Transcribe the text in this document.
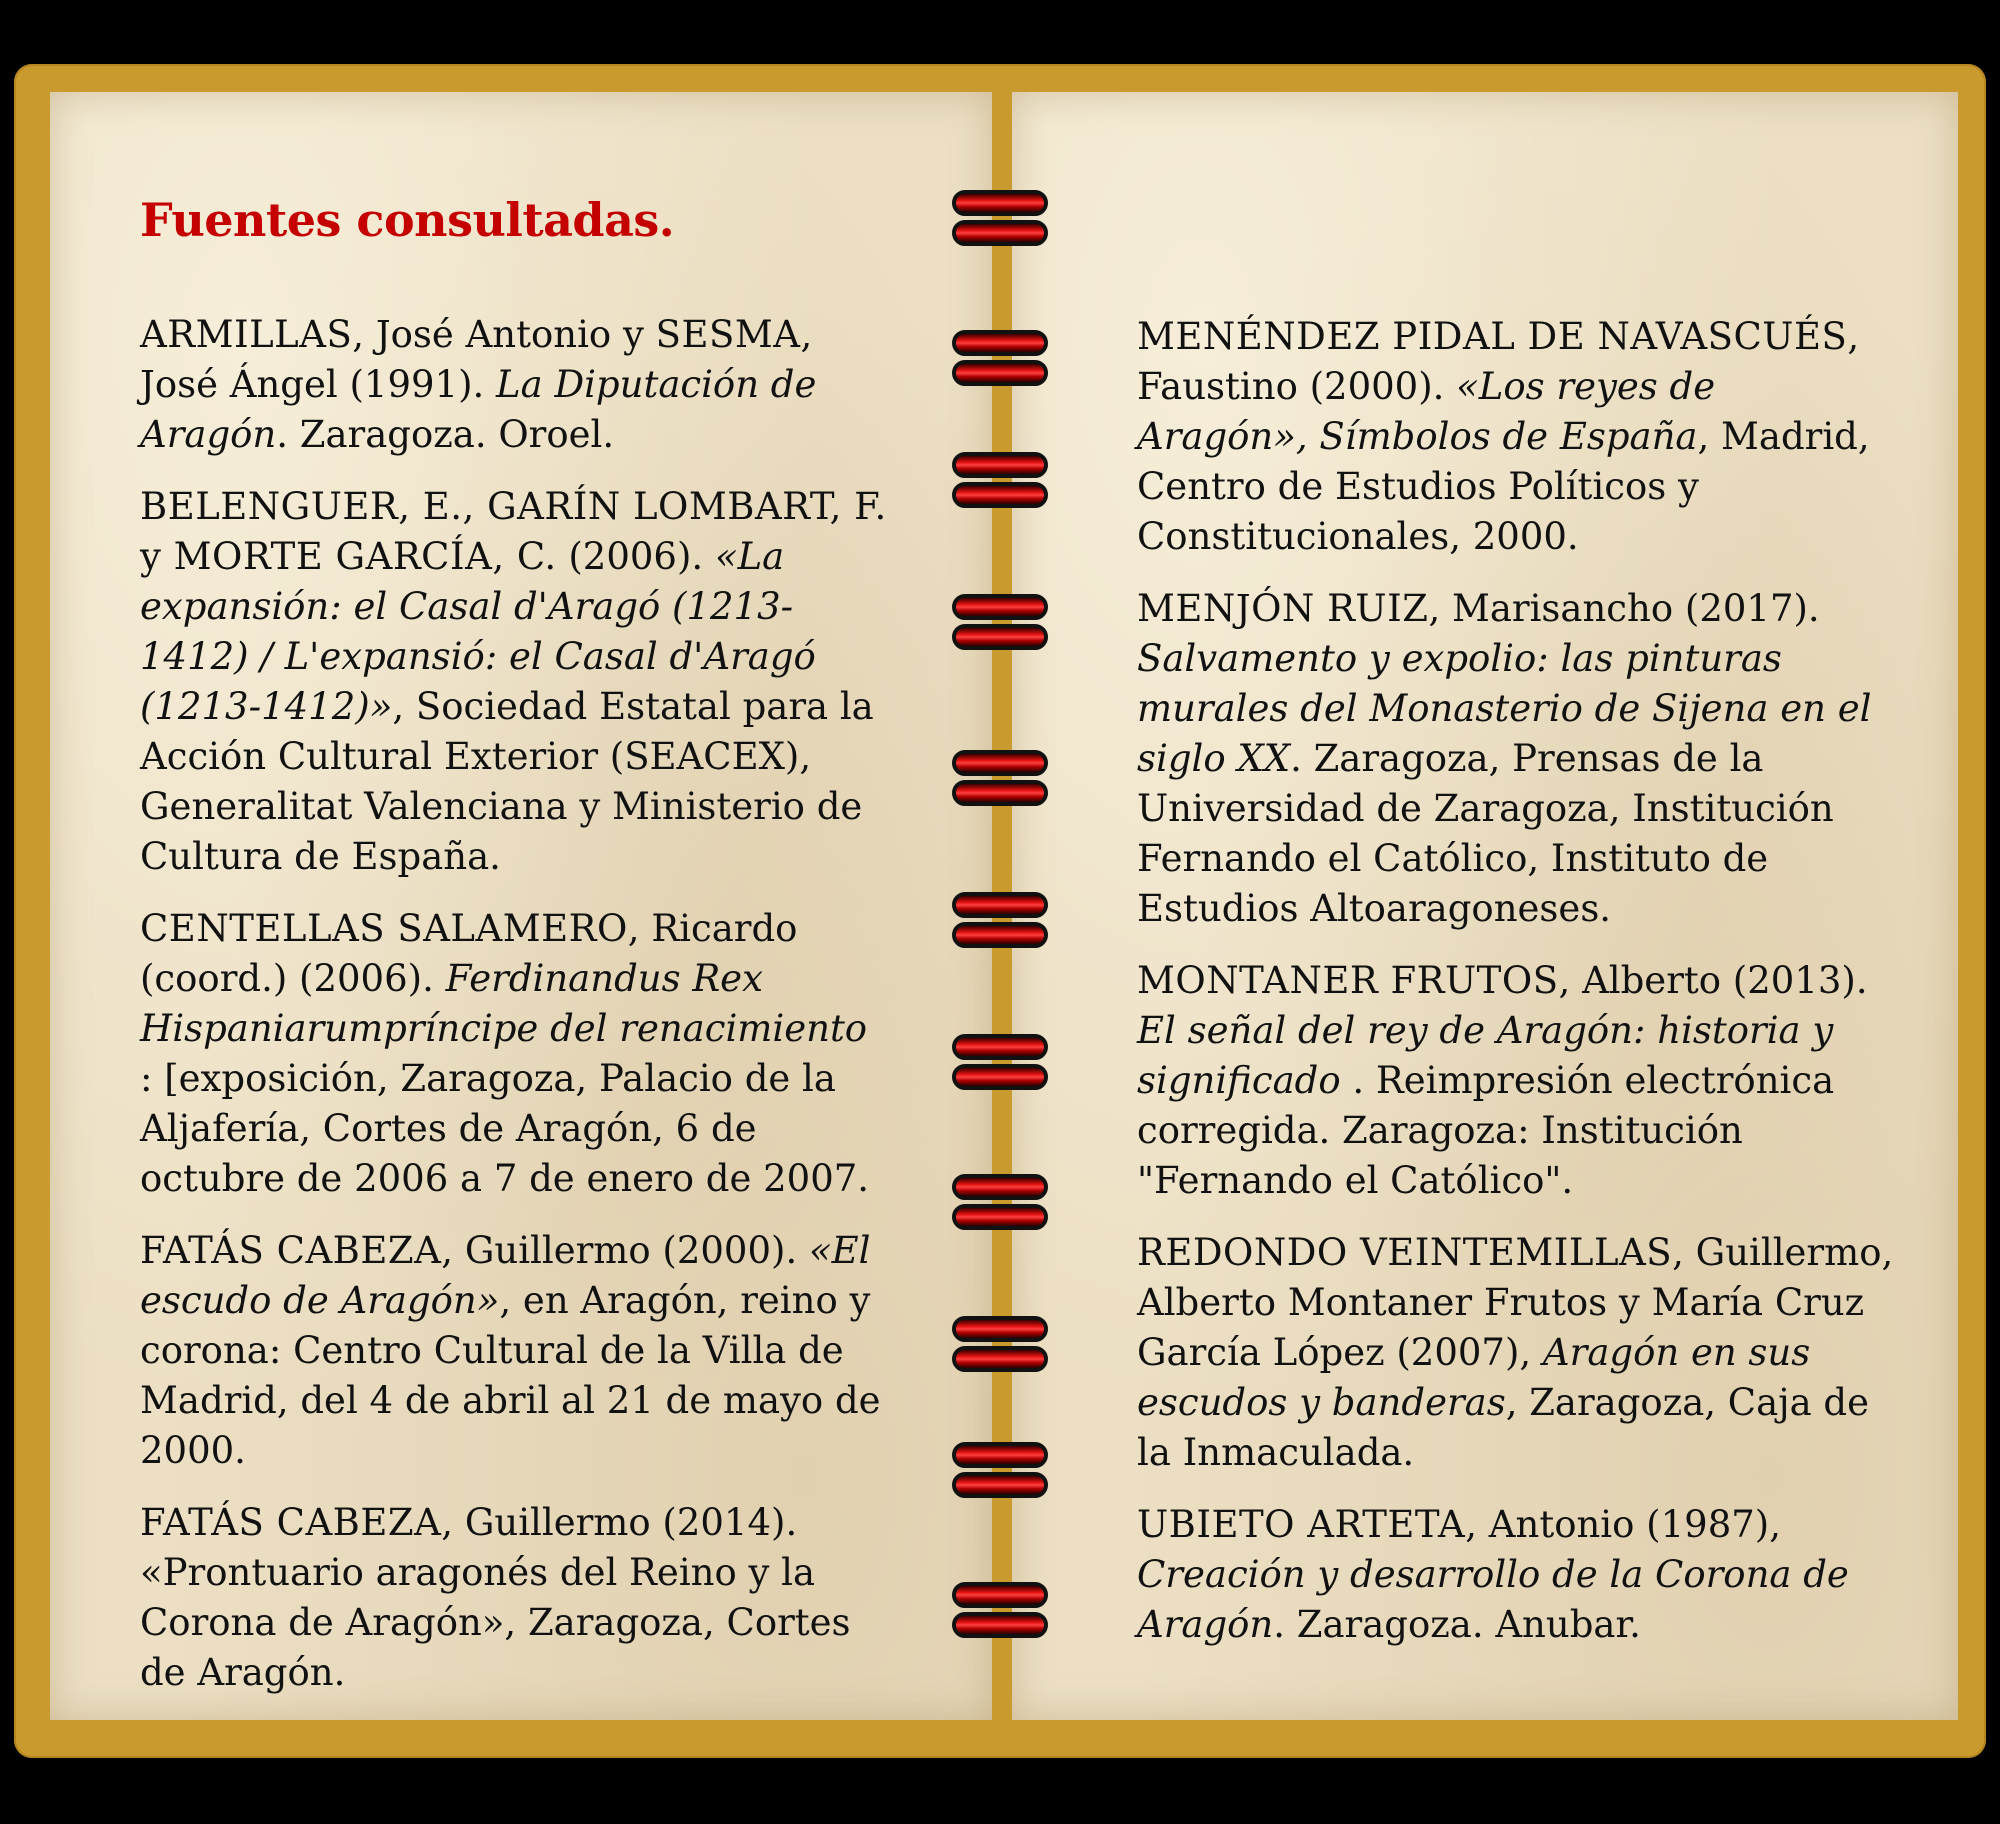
Fuentes consultadas.
ARMILLAS, José Antonio y SESMA, José Ángel (1991). La Diputación de Aragón. Zaragoza. Oroel.
BELENGUER, E., GARÍN LOMBART, F. y MORTE GARCÍA, C. (2006). «La expansión: el Casal d'Aragó (1213-1412) / L'expansió: el Casal d'Aragó (1213-1412)», Sociedad Estatal para la Acción Cultural Exterior (SEACEX), Generalitat Valenciana y Ministerio de Cultura de España.
CENTELLAS SALAMERO, Ricardo (coord.) (2006). Ferdinandus Rex Hispaniarumpríncipe del renacimiento : [exposición, Zaragoza, Palacio de la Aljafería, Cortes de Aragón, 6 de octubre de 2006 a 7 de enero de 2007.
FATÁS CABEZA, Guillermo (2000). «El escudo de Aragón», en Aragón, reino y corona: Centro Cultural de la Villa de Madrid, del 4 de abril al 21 de mayo de 2000.
FATÁS CABEZA, Guillermo (2014). «Prontuario aragonés del Reino y la Corona de Aragón», Zaragoza, Cortes de Aragón.
MENÉNDEZ PIDAL DE NAVASCUÉS, Faustino (2000). «Los reyes de Aragón», Símbolos de España, Madrid, Centro de Estudios Políticos y Constitucionales, 2000.
MENJÓN RUIZ, Marisancho (2017). Salvamento y expolio: las pinturas murales del Monasterio de Sijena en el siglo XX. Zaragoza, Prensas de la Universidad de Zaragoza, Institución Fernando el Católico, Instituto de Estudios Altoaragoneses.
MONTANER FRUTOS, Alberto (2013). El señal del rey de Aragón: historia y significado . Reimpresión electrónica corregida. Zaragoza: Institución "Fernando el Católico".
REDONDO VEINTEMILLAS, Guillermo, Alberto Montaner Frutos y María Cruz García López (2007), Aragón en sus escudos y banderas, Zaragoza, Caja de la Inmaculada.
UBIETO ARTETA, Antonio (1987), Creación y desarrollo de la Corona de Aragón. Zaragoza. Anubar.
